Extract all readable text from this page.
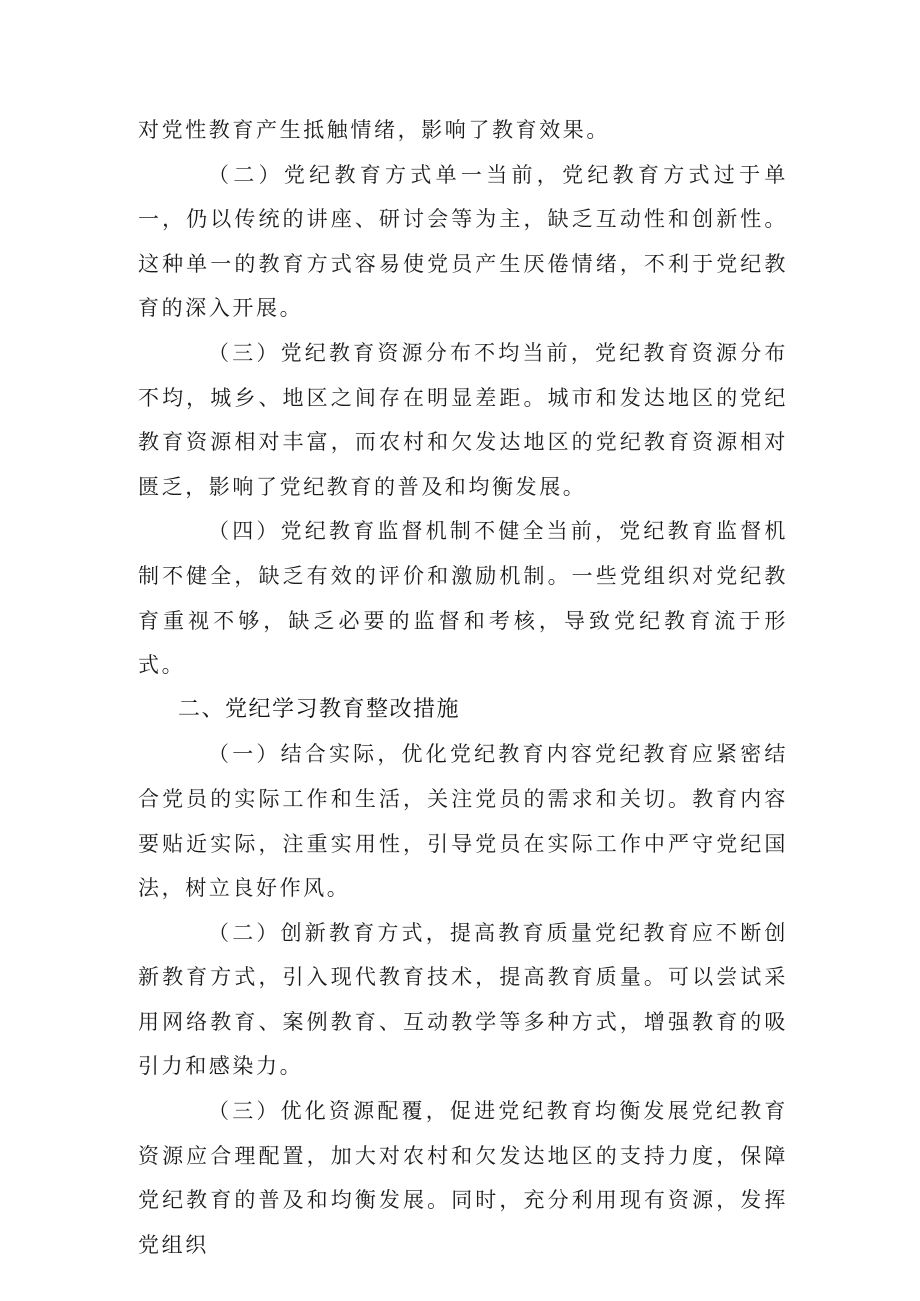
对党性教育产生抵触情绪，影响了教育效果。

（二）党纪教育方式单一当前，党纪教育方式过于单一，仍以传统的讲座、研讨会等为主，缺乏互动性和创新性。这种单一的教育方式容易使党员产生厌倦情绪，不利于党纪教育的深入开展。

（三）党纪教育资源分布不均当前，党纪教育资源分布不均，城乡、地区之间存在明显差距。城市和发达地区的党纪教育资源相对丰富，而农村和欠发达地区的党纪教育资源相对匮乏，影响了党纪教育的普及和均衡发展。

（四）党纪教育监督机制不健全当前，党纪教育监督机制不健全，缺乏有效的评价和激励机制。一些党组织对党纪教育重视不够，缺乏必要的监督和考核，导致党纪教育流于形式。

二、党纪学习教育整改措施

（一）结合实际，优化党纪教育内容党纪教育应紧密结合党员的实际工作和生活，关注党员的需求和关切。教育内容要贴近实际，注重实用性，引导党员在实际工作中严守党纪国法，树立良好作风。

（二）创新教育方式，提高教育质量党纪教育应不断创新教育方式，引入现代教育技术，提高教育质量。可以尝试采用网络教育、案例教育、互动教学等多种方式，增强教育的吸引力和感染力。

（三）优化资源配覆，促进党纪教育均衡发展党纪教育资源应合理配置，加大对农村和欠发达地区的支持力度，保障党纪教育的普及和均衡发展。同时，充分利用现有资源，发挥党组织
